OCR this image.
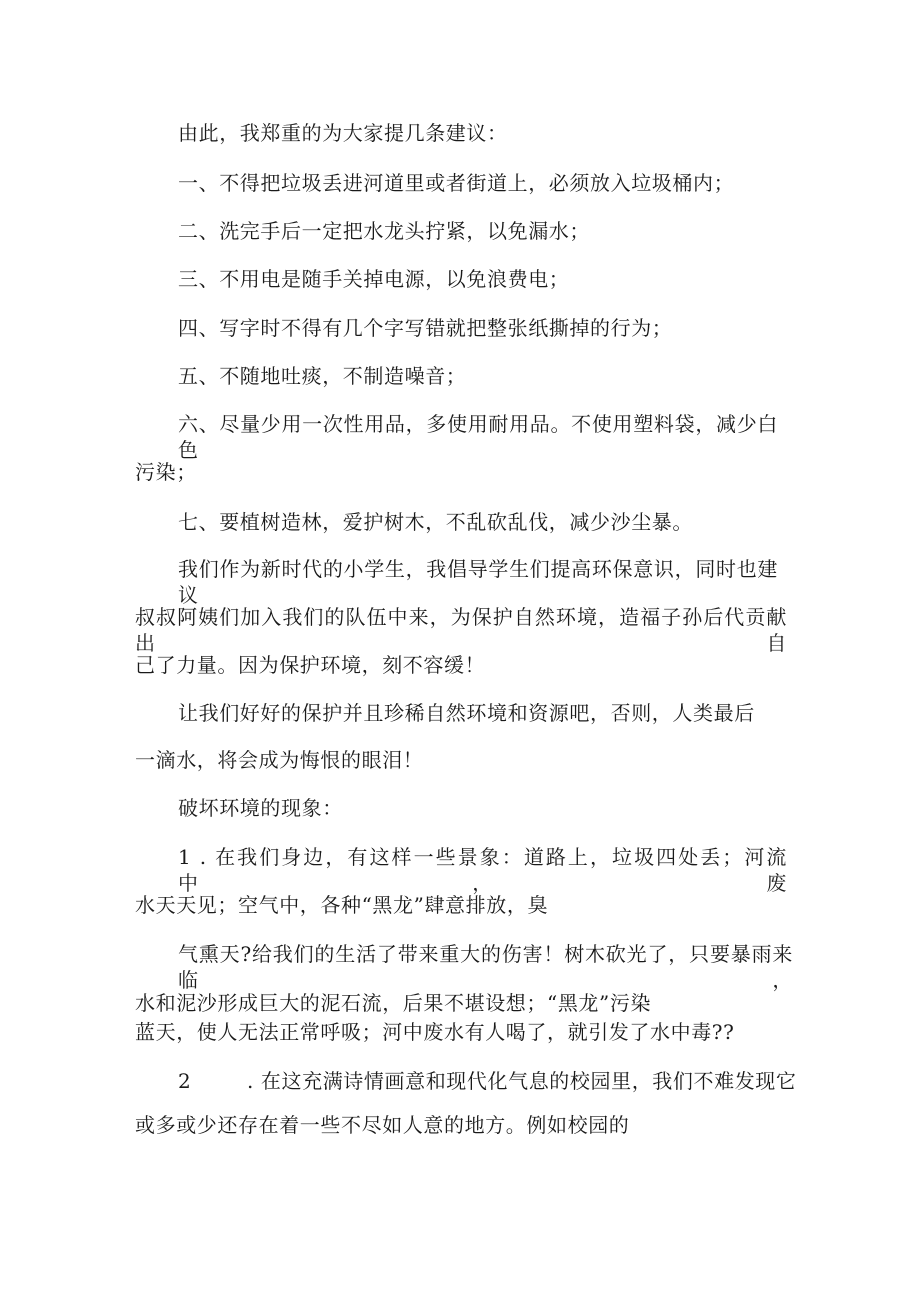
由此，我郑重的为大家提几条建议：
一、不得把垃圾丢进河道里或者街道上，必须放入垃圾桶内；
二、洗完手后一定把水龙头拧紧，以免漏水；
三、不用电是随手关掉电源，以免浪费电；
四、写字时不得有几个字写错就把整张纸撕掉的行为；
五、不随地吐痰，不制造噪音；
六、尽量少用一次性用品，多使用耐用品。不使用塑料袋，减少白色
污染；
七、要植树造林，爱护树木，不乱砍乱伐，减少沙尘暴。
我们作为新时代的小学生，我倡导学生们提高环保意识，同时也建议
叔叔阿姨们加入我们的队伍中来，为保护自然环境，造福子孙后代贡献出自
己了力量。因为保护环境，刻不容缓！
让我们好好的保护并且珍稀自然环境和资源吧，否则，人类最后
一滴水，将会成为悔恨的眼泪！
破坏环境的现象：
1 . 在我们身边，有这样一些景象：道路上，垃圾四处丢；河流中，废
水天天见；空气中，各种“黑龙”肆意排放，臭
气熏天?给我们的生活了带来重大的伤害！树木砍光了，只要暴雨来临，
水和泥沙形成巨大的泥石流，后果不堪设想；“黑龙”污染
蓝天，使人无法正常呼吸；河中废水有人喝了，就引发了水中毒??
2        . 在这充满诗情画意和现代化气息的校园里，我们不难发现它
或多或少还存在着一些不尽如人意的地方。例如校园的
